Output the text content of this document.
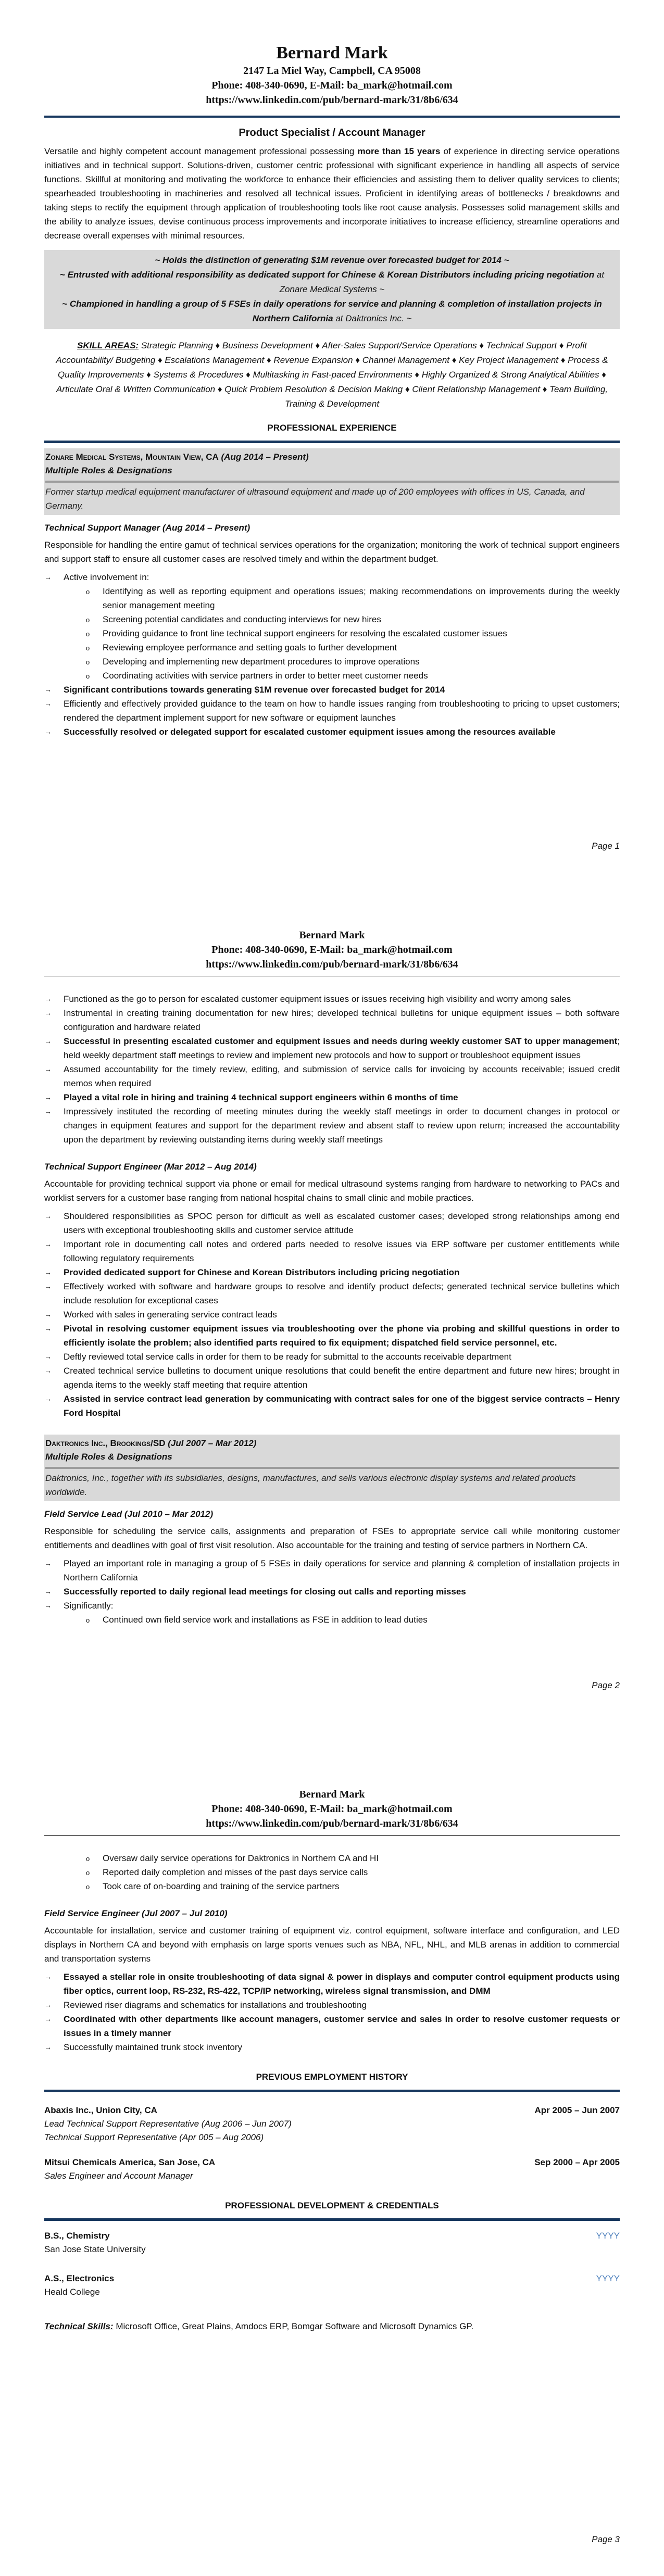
Bernard Mark
2147 La Miel Way, Campbell, CA 95008
Phone: 408-340-0690, E-Mail: ba_mark@hotmail.com
https://www.linkedin.com/pub/bernard-mark/31/8b6/634
Product Specialist / Account Manager

Versatile and highly competent account management professional possessing more than 15 years of experience in directing service operations initiatives and in technical support. Solutions-driven, customer centric professional with significant experience in handling all aspects of service functions. Skillful at monitoring and motivating the workforce to enhance their efficiencies and assisting them to deliver quality services to clients; spearheaded troubleshooting in machineries and resolved all technical issues. Proficient in identifying areas of bottlenecks / breakdowns and taking steps to rectify the equipment through application of troubleshooting tools like root cause analysis. Possesses solid management skills and the ability to analyze issues, devise continuous process improvements and incorporate initiatives to increase efficiency, streamline operations and decrease overall expenses with minimal resources.

~ Holds the distinction of generating $1M revenue over forecasted budget for 2014 ~
~ Entrusted with additional responsibility as dedicated support for Chinese & Korean Distributors including pricing negotiation at Zonare Medical Systems ~
~ Championed in handling a group of 5 FSEs in daily operations for service and planning & completion of installation projects in Northern California at Daktronics Inc. ~
SKILL AREAS: Strategic Planning ♦ Business Development ♦ After-Sales Support/Service Operations ♦ Technical Support ♦ Profit Accountability/ Budgeting ♦ Escalations Management ♦ Revenue Expansion ♦ Channel Management ♦ Key Project Management ♦ Process & Quality Improvements ♦ Systems & Procedures ♦ Multitasking in Fast-paced Environments ♦ Highly Organized & Strong Analytical Abilities ♦ Articulate Oral & Written Communication ♦ Quick Problem Resolution & Decision Making ♦ Client Relationship Management ♦ Team Building, Training & Development
PROFESSIONAL EXPERIENCE
Zonare Medical Systems, Mountain View, CA (Aug 2014 – Present)
Multiple Roles & Designations
Former startup medical equipment manufacturer of ultrasound equipment and made up of 200 employees with offices in US, Canada, and Germany.
Technical Support Manager (Aug 2014 – Present)

Responsible for handling the entire gamut of technical services operations for the organization; monitoring the work of technical support engineers and support staff to ensure all customer cases are resolved timely and within the department budget.

→ Active involvement in:
o Identifying as well as reporting equipment and operations issues; making recommendations on improvements during the weekly senior management meeting
o Screening potential candidates and conducting interviews for new hires
o Providing guidance to front line technical support engineers for resolving the escalated customer issues
o Reviewing employee performance and setting goals to further development
o Developing and implementing new department procedures to improve operations
o Coordinating activities with service partners in order to better meet customer needs
→ Significant contributions towards generating $1M revenue over forecasted budget for 2014
→ Efficiently and effectively provided guidance to the team on how to handle issues ranging from troubleshooting to pricing to upset customers; rendered the department implement support for new software or equipment launches
→ Successfully resolved or delegated support for escalated customer equipment issues among the resources available
Page 1
Bernard Mark
Phone: 408-340-0690, E-Mail: ba_mark@hotmail.com
https://www.linkedin.com/pub/bernard-mark/31/8b6/634
→ Functioned as the go to person for escalated customer equipment issues or issues receiving high visibility and worry among sales
→ Instrumental in creating training documentation for new hires; developed technical bulletins for unique equipment issues – both software configuration and hardware related
→ Successful in presenting escalated customer and equipment issues and needs during weekly customer SAT to upper management; held weekly department staff meetings to review and implement new protocols and how to support or troubleshoot equipment issues
→ Assumed accountability for the timely review, editing, and submission of service calls for invoicing by accounts receivable; issued credit memos when required
→ Played a vital role in hiring and training 4 technical support engineers within 6 months of time
→ Impressively instituted the recording of meeting minutes during the weekly staff meetings in order to document changes in protocol or changes in equipment features and support for the department review and absent staff to review upon return; increased the accountability upon the department by reviewing outstanding items during weekly staff meetings
Technical Support Engineer (Mar 2012 – Aug 2014)

Accountable for providing technical support via phone or email for medical ultrasound systems ranging from hardware to networking to PACs and worklist servers for a customer base ranging from national hospital chains to small clinic and mobile practices.

→ Shouldered responsibilities as SPOC person for difficult as well as escalated customer cases; developed strong relationships among end users with exceptional troubleshooting skills and customer service attitude
→ Important role in documenting call notes and ordered parts needed to resolve issues via ERP software per customer entitlements while following regulatory requirements
→ Provided dedicated support for Chinese and Korean Distributors including pricing negotiation
→ Effectively worked with software and hardware groups to resolve and identify product defects; generated technical service bulletins which include resolution for exceptional cases
→ Worked with sales in generating service contract leads
→ Pivotal in resolving customer equipment issues via troubleshooting over the phone via probing and skillful questions in order to efficiently isolate the problem; also identified parts required to fix equipment; dispatched field service personnel, etc.
→ Deftly reviewed total service calls in order for them to be ready for submittal to the accounts receivable department
→ Created technical service bulletins to document unique resolutions that could benefit the entire department and future new hires; brought in agenda items to the weekly staff meeting that require attention
→ Assisted in service contract lead generation by communicating with contract sales for one of the biggest service contracts – Henry Ford Hospital
Daktronics Inc., Brookings/SD (Jul 2007 – Mar 2012)
Multiple Roles & Designations
Daktronics, Inc., together with its subsidiaries, designs, manufactures, and sells various electronic display systems and related products worldwide.
Field Service Lead (Jul 2010 – Mar 2012)

Responsible for scheduling the service calls, assignments and preparation of FSEs to appropriate service call while monitoring customer entitlements and deadlines with goal of first visit resolution. Also accountable for the training and testing of service partners in Northern CA.

→ Played an important role in managing a group of 5 FSEs in daily operations for service and planning & completion of installation projects in Northern California
→ Successfully reported to daily regional lead meetings for closing out calls and reporting misses
→ Significantly:
o Continued own field service work and installations as FSE in addition to lead duties
Page 2
Bernard Mark
Phone: 408-340-0690, E-Mail: ba_mark@hotmail.com
https://www.linkedin.com/pub/bernard-mark/31/8b6/634
o Oversaw daily service operations for Daktronics in Northern CA and HI
o Reported daily completion and misses of the past days service calls
o Took care of on-boarding and training of the service partners
Field Service Engineer (Jul 2007 – Jul 2010)

Accountable for installation, service and customer training of equipment viz. control equipment, software interface and configuration, and LED displays in Northern CA and beyond with emphasis on large sports venues such as NBA, NFL, NHL, and MLB arenas in addition to commercial and transportation systems

→ Essayed a stellar role in onsite troubleshooting of data signal & power in displays and computer control equipment products using fiber optics, current loop, RS-232, RS-422, TCP/IP networking, wireless signal transmission, and DMM
→ Reviewed riser diagrams and schematics for installations and troubleshooting
→ Coordinated with other departments like account managers, customer service and sales in order to resolve customer requests or issues in a timely manner
→ Successfully maintained trunk stock inventory
PREVIOUS EMPLOYMENT HISTORY
Abaxis Inc., Union City, CA	Apr 2005 – Jun 2007
Lead Technical Support Representative (Aug 2006 – Jun 2007)
Technical Support Representative (Apr 005 – Aug 2006)
Mitsui Chemicals America, San Jose, CA	Sep 2000 – Apr 2005
Sales Engineer and Account Manager
PROFESSIONAL DEVELOPMENT & CREDENTIALS
B.S., Chemistry	YYYY
San Jose State University
A.S., Electronics	YYYY
Heald College
Technical Skills: Microsoft Office, Great Plains, Amdocs ERP, Bomgar Software and Microsoft Dynamics GP.
Page 3
